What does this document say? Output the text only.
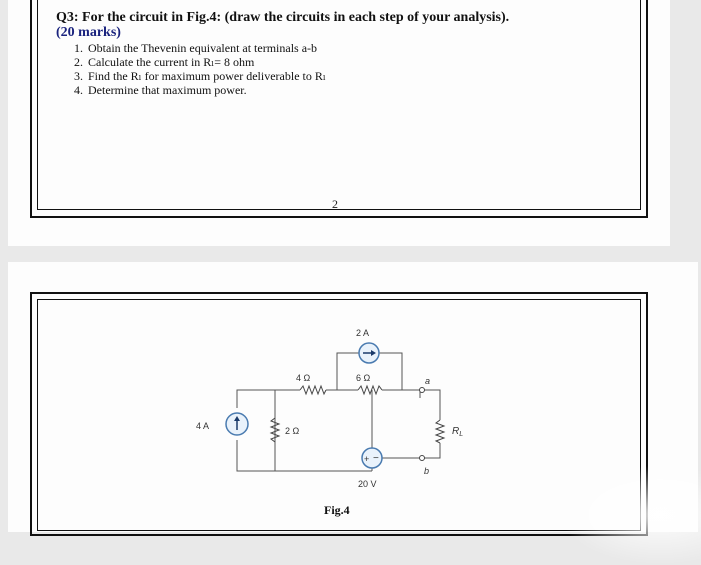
Q3: For the circuit in Fig.4: (draw the circuits in each step of your analysis).
(20 marks)
1. Obtain the Thevenin equivalent at terminals a-b
2. Calculate the current in Rₗ= 8 ohm
3. Find the Rₗ for maximum power deliverable to Rₗ
4. Determine that maximum power.
2
+ −
4 A
4 Ω
2 Ω
6 Ω
2 A
20 V
a
b
$R_L$
Fig.4
